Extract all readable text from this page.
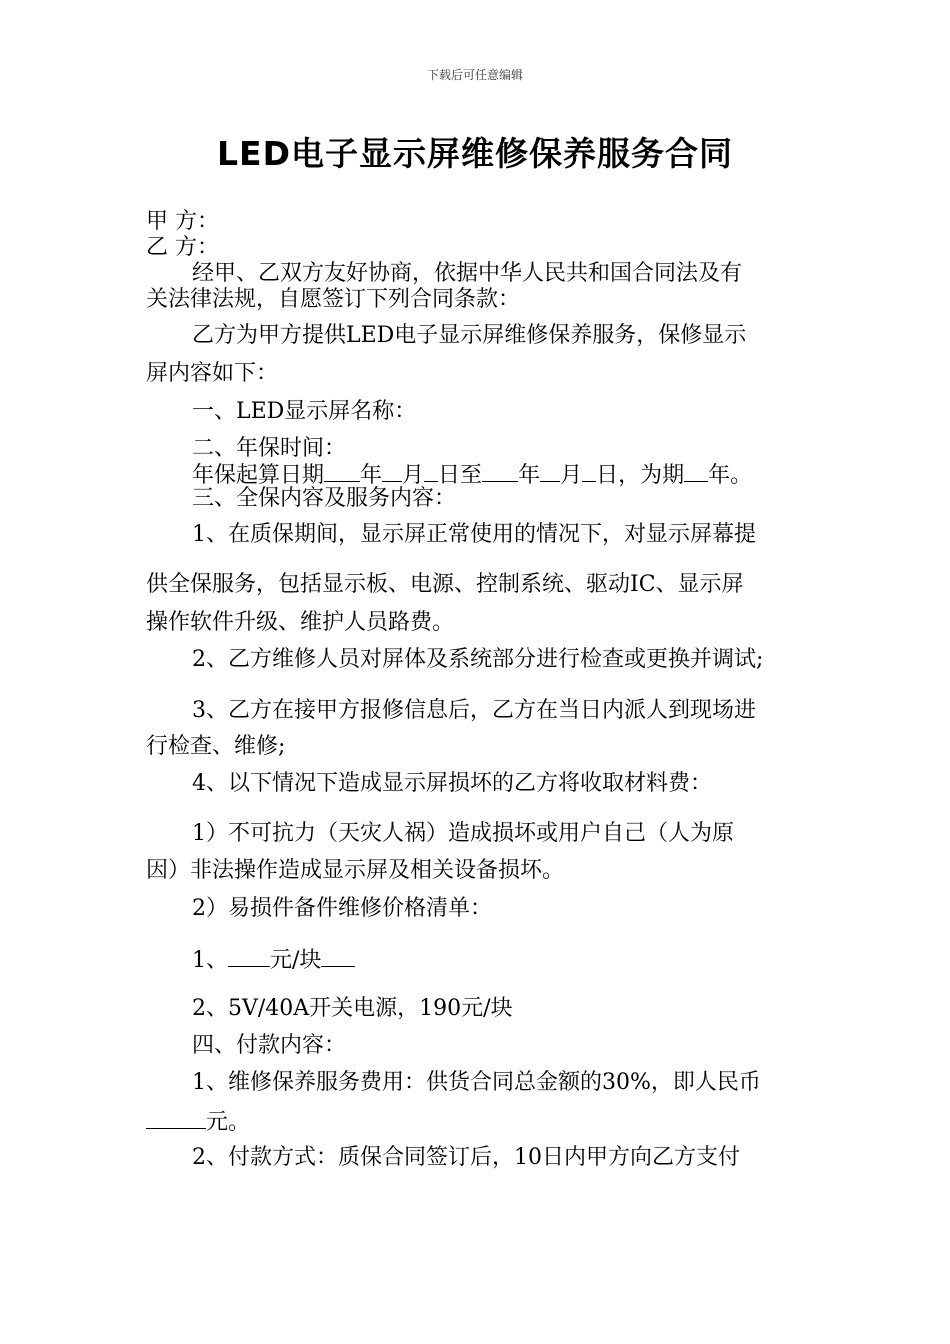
下载后可任意编辑
LED电子显示屏维修保养服务合同
甲 方：
乙 方：
经甲、乙双方友好协商，依据中华人民共和国合同法及有
关法律法规，自愿签订下列合同条款：
乙方为甲方提供LED电子显示屏维修保养服务，保修显示
屏内容如下：
一、LED显示屏名称：
二、年保时间：
年保起算日期 年 月 日至 年 月 日，为期 年。
三、全保内容及服务内容：
1、在质保期间，显示屏正常使用的情况下，对显示屏幕提
供全保服务，包括显示板、电源、控制系统、驱动IC、显示屏
操作软件升级、维护人员路费。
2、乙方维修人员对屏体及系统部分进行检查或更换并调试;
3、乙方在接甲方报修信息后，乙方在当日内派人到现场进
行检查、维修;
4、以下情况下造成显示屏损坏的乙方将收取材料费：
1）不可抗力（天灾人祸）造成损坏或用户自己（人为原
因）非法操作造成显示屏及相关设备损坏。
2）易损件备件维修价格清单：
1、 元/块
2、5V/40A开关电源，190元/块
四、付款内容：
1、维修保养服务费用：供货合同总金额的30%，即人民币
元。
2、付款方式：质保合同签订后，10日内甲方向乙方支付
